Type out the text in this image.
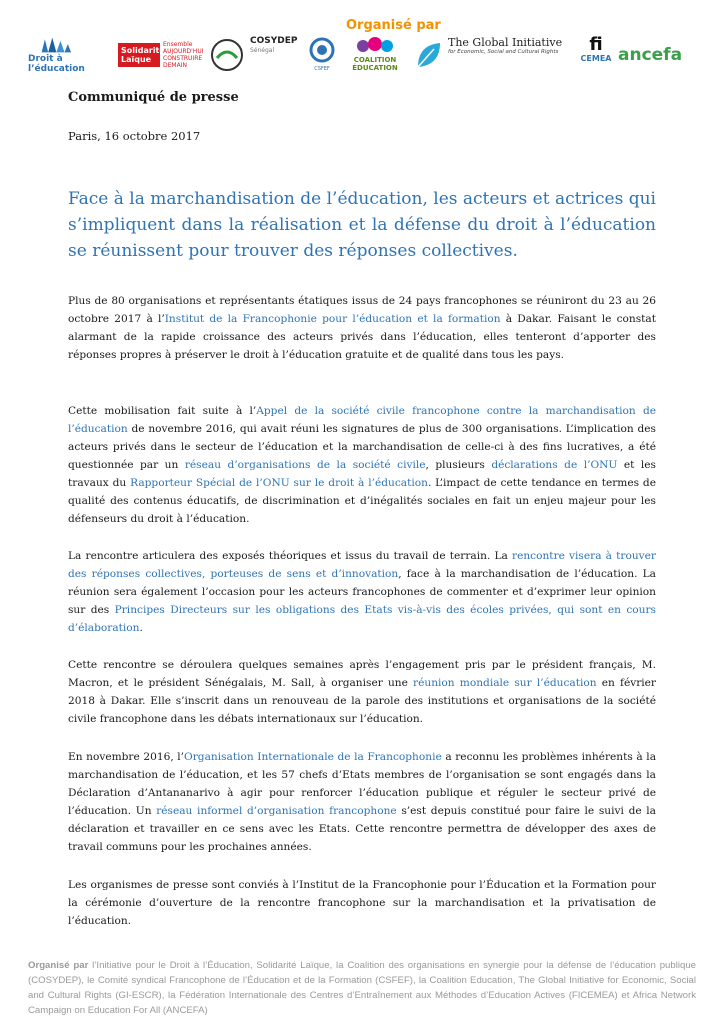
Organisé par
Droit à l’éducation
Solidarité Laïque
Ensemble AUJOURD'HUI CONSTRUIRE DEMAIN
COSYDEP
Sénégal
CSFEF
COALITION ÉDUCATION
The Global Initiative
for Economic, Social and Cultural Rights fi
CEMEA ancefa
Communiqué de presse
Paris, 16 octobre 2017
Face à la marchandisation de l’éducation, les acteurs et actrices qui s’impliquent dans la réalisation et la défense du droit à l’éducation se réunissent pour trouver des réponses collectives.
Plus de 80 organisations et représentants étatiques issus de 24 pays francophones se réuniront du 23 au 26 octobre 2017 à l’Institut de la Francophonie pour l’éducation et la formation à Dakar. Faisant le constat alarmant de la rapide croissance des acteurs privés dans l’éducation, elles tenteront d’apporter des réponses propres à préserver le droit à l’éducation gratuite et de qualité dans tous les pays.
Cette mobilisation fait suite à l’Appel de la société civile francophone contre la marchandisation de l’éducation de novembre 2016, qui avait réuni les signatures de plus de 300 organisations. L’implication des acteurs privés dans le secteur de l’éducation et la marchandisation de celle-ci à des fins lucratives, a été questionnée par un réseau d’organisations de la société civile, plusieurs déclarations de l’ONU et les travaux du Rapporteur Spécial de l’ONU sur le droit à l’éducation. L’impact de cette tendance en termes de qualité des contenus éducatifs, de discrimination et d’inégalités sociales en fait un enjeu majeur pour les défenseurs du droit à l’éducation.
La rencontre articulera des exposés théoriques et issus du travail de terrain. La rencontre visera à trouver des réponses collectives, porteuses de sens et d’innovation, face à la marchandisation de l’éducation. La réunion sera également l’occasion pour les acteurs francophones de commenter et d’exprimer leur opinion sur des Principes Directeurs sur les obligations des Etats vis-à-vis des écoles privées, qui sont en cours d’élaboration.
Cette rencontre se déroulera quelques semaines après l’engagement pris par le président français, M. Macron, et le président Sénégalais, M. Sall, à organiser une réunion mondiale sur l’éducation en février 2018 à Dakar. Elle s’inscrit dans un renouveau de la parole des institutions et organisations de la société civile francophone dans les débats internationaux sur l’éducation.
En novembre 2016, l’Organisation Internationale de la Francophonie a reconnu les problèmes inhérents à la marchandisation de l’éducation, et les 57 chefs d’Etats membres de l’organisation se sont engagés dans la Déclaration d’Antananarivo à agir pour renforcer l’éducation publique et réguler le secteur privé de l’éducation. Un réseau informel d’organisation francophone s’est depuis constitué pour faire le suivi de la déclaration et travailler en ce sens avec les Etats. Cette rencontre permettra de développer des axes de travail communs pour les prochaines années.
Les organismes de presse sont conviés à l’Institut de la Francophonie pour l’Éducation et la Formation pour la cérémonie d’ouverture de la rencontre francophone sur la marchandisation et la privatisation de l’éducation.
Organisé par l’Initiative pour le Droit à l’Éducation, Solidarité Laïque, la Coalition des organisations en synergie pour la défense de l’éducation publique (COSYDEP), le Comité syndical Francophone de l’Éducation et de la Formation (CSFEF), la Coalition Education, The Global Initiative for Economic, Social and Cultural Rights (GI-ESCR), la Fédération Internationale des Centres d’Entraînement aux Méthodes d’Education Actives (FICEMEA) et Africa Network Campaign on Education For All (ANCEFA)
